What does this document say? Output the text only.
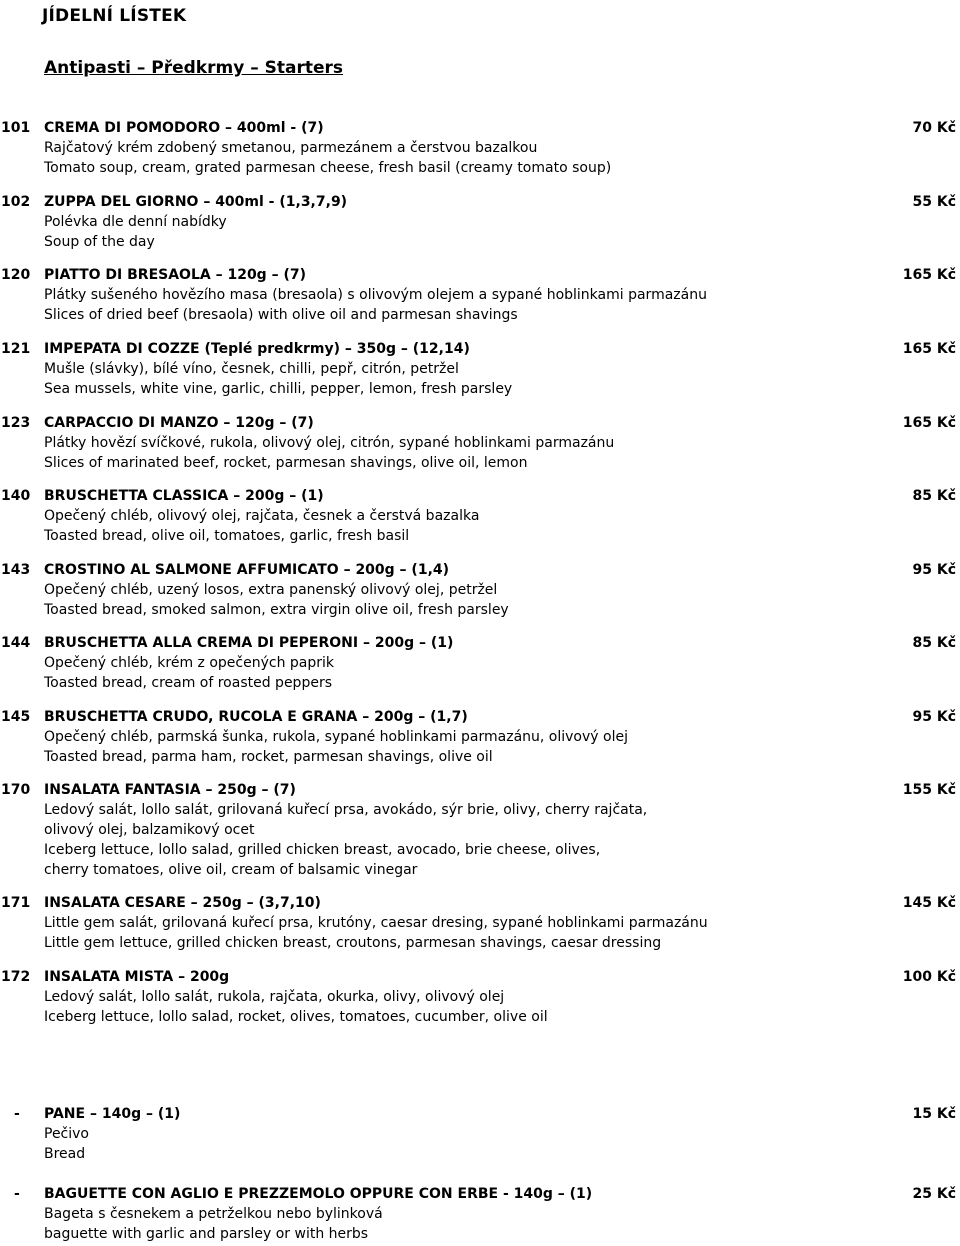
JÍDELNÍ LÍSTEK
Antipasti – Předkrmy – Starters
101 CREMA DI POMODORO – 400ml - (7)	70 Kč
Rajčatový krém zdobený smetanou, parmezánem a čerstvou bazalkou
Tomato soup, cream, grated parmesan cheese, fresh basil (creamy tomato soup)
102 ZUPPA DEL GIORNO – 400ml - (1,3,7,9)	55 Kč
Polévka dle denní nabídky
Soup of the day
120 PIATTO DI BRESAOLA – 120g – (7)	165 Kč
Plátky sušeného hovězího masa (bresaola) s olivovým olejem a sypané hoblinkami parmazánu
Slices of dried beef (bresaola) with olive oil and parmesan shavings
121 IMPEPATA DI COZZE (Teplé predkrmy) – 350g – (12,14)	165 Kč
Mušle (slávky), bílé víno, česnek, chilli, pepř, citrón, petržel
Sea mussels, white vine, garlic, chilli, pepper, lemon, fresh parsley
123 CARPACCIO DI MANZO – 120g – (7)	165 Kč
Plátky hovězí svíčkové, rukola, olivový olej, citrón, sypané hoblinkami parmazánu
Slices of marinated beef, rocket, parmesan shavings, olive oil, lemon
140 BRUSCHETTA CLASSICA – 200g – (1)	85 Kč
Opečený chléb, olivový olej, rajčata, česnek a čerstvá bazalka
Toasted bread, olive oil, tomatoes, garlic, fresh basil
143 CROSTINO AL SALMONE AFFUMICATO – 200g – (1,4)	95 Kč
Opečený chléb, uzený losos, extra panenský olivový olej, petržel
Toasted bread, smoked salmon, extra virgin olive oil, fresh parsley
144 BRUSCHETTA ALLA CREMA DI PEPERONI – 200g – (1)	85 Kč
Opečený chléb, krém z opečených paprik
Toasted bread, cream of roasted peppers
145 BRUSCHETTA CRUDO, RUCOLA E GRANA – 200g – (1,7)	95 Kč
Opečený chléb, parmská šunka, rukola, sypané hoblinkami parmazánu, olivový olej
Toasted bread, parma ham, rocket, parmesan shavings, olive oil
170 INSALATA FANTASIA – 250g – (7)	155 Kč
Ledový salát, lollo salát, grilovaná kuřecí prsa, avokádo, sýr brie, olivy, cherry rajčata,
olivový olej, balzamikový ocet
Iceberg lettuce, lollo salad, grilled chicken breast, avocado, brie cheese, olives,
cherry tomatoes, olive oil, cream of balsamic vinegar
171 INSALATA CESARE – 250g – (3,7,10)	145 Kč
Little gem salát, grilovaná kuřecí prsa, krutóny, caesar dresing, sypané hoblinkami parmazánu
Little gem lettuce, grilled chicken breast, croutons, parmesan shavings, caesar dressing
172 INSALATA MISTA – 200g	100 Kč
Ledový salát, lollo salát, rukola, rajčata, okurka, olivy, olivový olej
Iceberg lettuce, lollo salad, rocket, olives, tomatoes, cucumber, olive oil
- PANE – 140g – (1)	15 Kč
Pečivo
Bread
- BAGUETTE CON AGLIO E PREZZEMOLO OPPURE CON ERBE - 140g – (1)	25 Kč
Bageta s česnekem a petrželkou nebo bylinková
baguette with garlic and parsley or with herbs
